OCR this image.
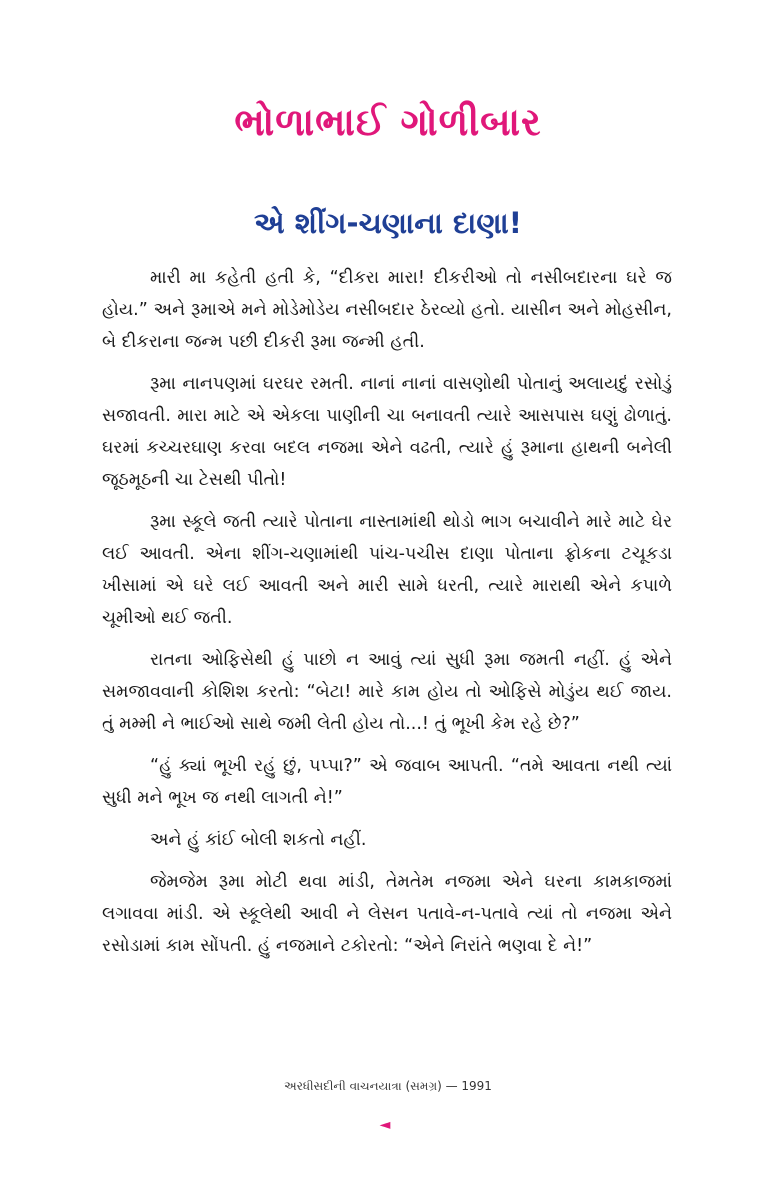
ભોળાભાઈ ગોળીબાર
એ શીંગ-ચણાના દાણા!

મારી મા કહેતી હતી કે, “દીકરા મારા! દીકરીઓ તો નસીબદારના ઘરે જ હોય.” અને રૂમાએ મને મોડેમોડેય નસીબદાર ઠેરવ્યો હતો. યાસીન અને મોહસીન, બે દીકરાના જન્મ પછી દીકરી રૂમા જન્મી હતી.

રૂમા નાનપણમાં ઘરઘર રમતી. નાનાં નાનાં વાસણોથી પોતાનું અલાયદું રસોડું સજાવતી. મારા માટે એ એકલા પાણીની ચા બનાવતી ત્યારે આસપાસ ઘણું ઢોળાતું. ઘરમાં કચ્ચરઘાણ કરવા બદલ નજમા એને વઢતી, ત્યારે હું રૂમાના હાથની બનેલી જૂઠમૂઠની ચા ટેસથી પીતો!

રૂમા સ્કૂલે જતી ત્યારે પોતાના નાસ્તામાંથી થોડો ભાગ બચાવીને મારે માટે ઘેર લઈ આવતી. એના શીંગ-ચણામાંથી પાંચ-પચીસ દાણા પોતાના ફ્રોકના ટચૂકડા ખીસામાં એ ઘરે લઈ આવતી અને મારી સામે ધરતી, ત્યારે મારાથી એને કપાળે ચૂમીઓ થઈ જતી.

રાતના ઓફિસેથી હું પાછો ન આવું ત્યાં સુધી રૂમા જમતી નહીં. હું એને સમજાવવાની કોશિશ કરતો: “બેટા! મારે કામ હોય તો ઓફિસે મોડુંય થઈ જાય. તું મમ્મી ને ભાઈઓ સાથે જમી લેતી હોય તો...! તું ભૂખી કેમ રહે છે?”

“હું ક્યાં ભૂખી રહું છું, પપ્પા?” એ જવાબ આપતી. “તમે આવતા નથી ત્યાં સુધી મને ભૂખ જ નથી લાગતી ને!”

અને હું કાંઈ બોલી શકતો નહીં.

જેમજેમ રૂમા મોટી થવા માંડી, તેમતેમ નજમા એને ઘરના કામકાજમાં લગાવવા માંડી. એ સ્કૂલેથી આવી ને લેસન પતાવે-ન-પતાવે ત્યાં તો નજમા એને રસોડામાં કામ સોંપતી. હું નજમાને ટકોરતો: “એને નિરાંતે ભણવા દે ને!”

અરધીસદીની વાચનયાત્રા (સમગ્ર) — 1991
◄
